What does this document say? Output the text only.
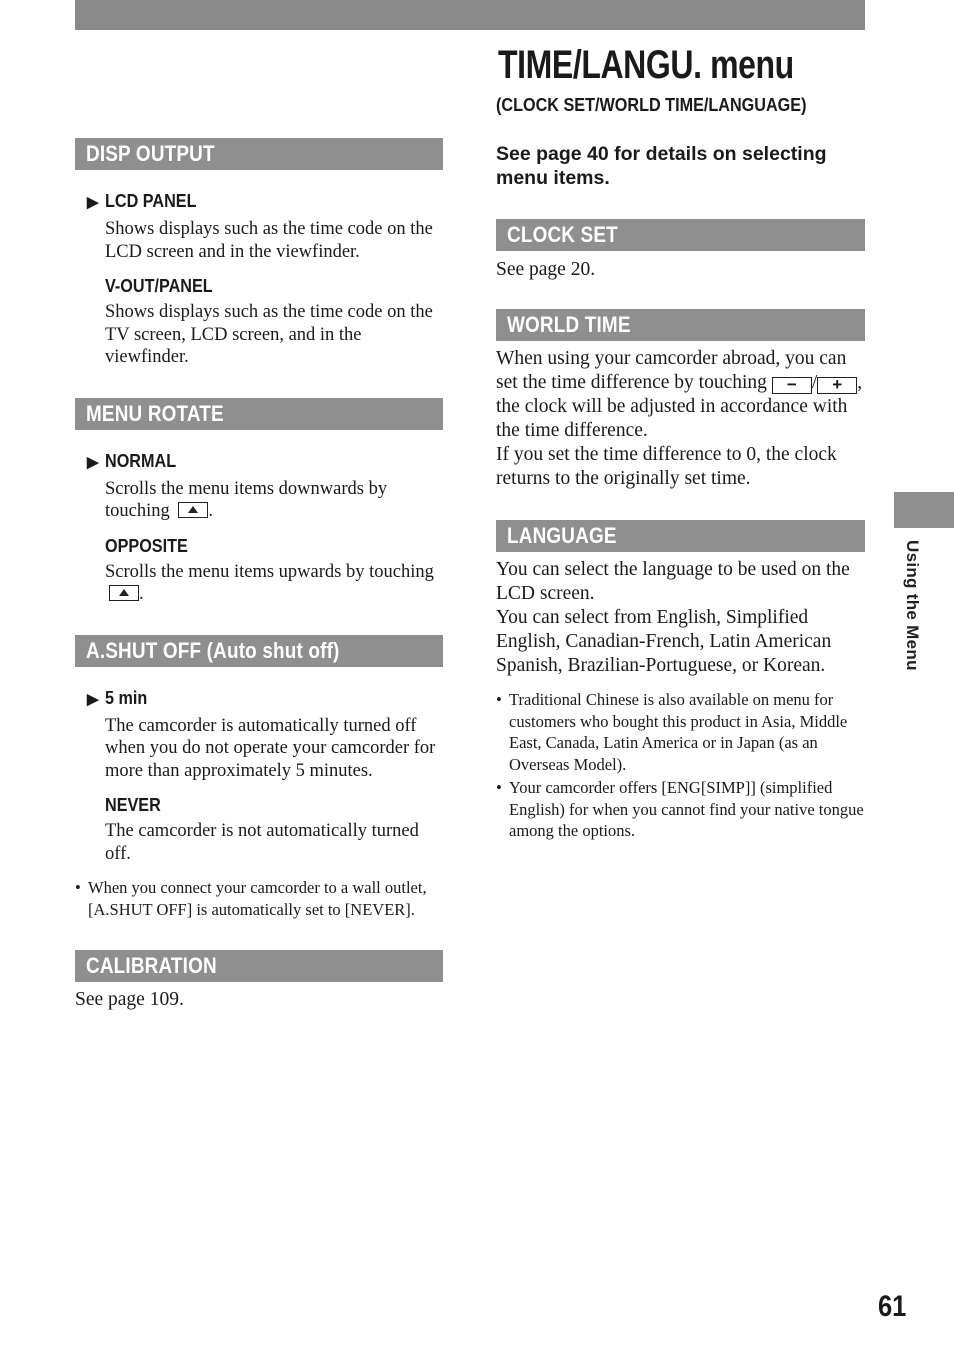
DISP OUTPUT
▶ LCD PANEL
Shows displays such as the time code on the LCD screen and in the viewfinder.
V-OUT/PANEL
Shows displays such as the time code on the TV screen, LCD screen, and in the viewfinder.
MENU ROTATE
▶ NORMAL
Scrolls the menu items downwards by touching .
OPPOSITE
Scrolls the menu items upwards by touching .
A.SHUT OFF (Auto shut off)
▶ 5 min
The camcorder is automatically turned off when you do not operate your camcorder for more than approximately 5 minutes.
NEVER
The camcorder is not automatically turned off.
• When you connect your camcorder to a wall outlet, [A.SHUT OFF] is automatically set to [NEVER].
CALIBRATION
See page 109.
TIME/LANGU. menu
(CLOCK SET/WORLD TIME/LANGUAGE)
See page 40 for details on selecting menu items.
CLOCK SET
See page 20.
WORLD TIME
When using your camcorder abroad, you can set the time difference by touching − / + , the clock will be adjusted in accordance with the time difference.
If you set the time difference to 0, the clock returns to the originally set time.
LANGUAGE
You can select the language to be used on the LCD screen.
You can select from English, Simplified English, Canadian-French, Latin American Spanish, Brazilian-Portuguese, or Korean.
• Traditional Chinese is also available on menu for customers who bought this product in Asia, Middle East, Canada, Latin America or in Japan (as an Overseas Model).
• Your camcorder offers [ENG[SIMP]] (simplified English) for when you cannot find your native tongue among the options.
Using the Menu
61
